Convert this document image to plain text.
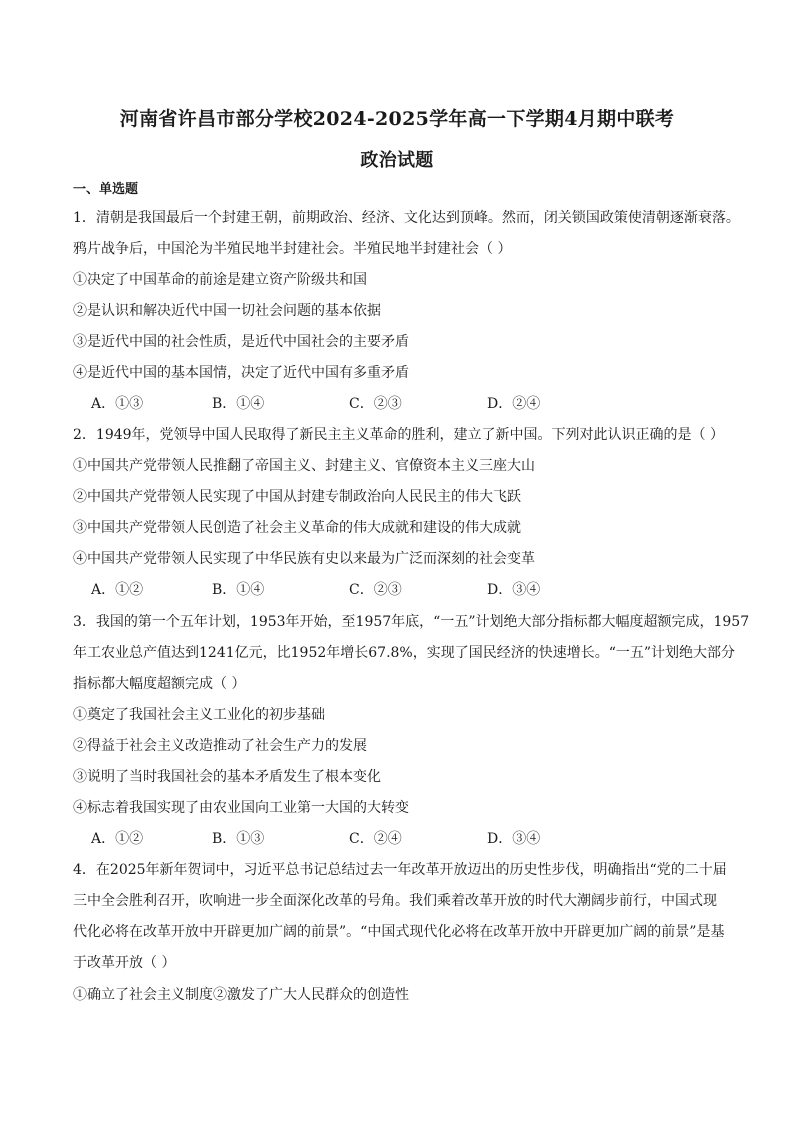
河南省许昌市部分学校2024-2025学年高一下学期4月期中联考
政治试题
一、单选题
1．清朝是我国最后一个封建王朝，前期政治、经济、文化达到顶峰。然而，闭关锁国政策使清朝逐渐衰落。
鸦片战争后，中国沦为半殖民地半封建社会。半殖民地半封建社会（ ）
①决定了中国革命的前途是建立资产阶级共和国
②是认识和解决近代中国一切社会问题的基本依据
③是近代中国的社会性质，是近代中国社会的主要矛盾
④是近代中国的基本国情，决定了近代中国有多重矛盾
A．①③	B．①④	C．②③	D．②④
2．1949年，党领导中国人民取得了新民主主义革命的胜利，建立了新中国。下列对此认识正确的是（ ）
①中国共产党带领人民推翻了帝国主义、封建主义、官僚资本主义三座大山
②中国共产党带领人民实现了中国从封建专制政治向人民民主的伟大飞跃
③中国共产党带领人民创造了社会主义革命的伟大成就和建设的伟大成就
④中国共产党带领人民实现了中华民族有史以来最为广泛而深刻的社会变革
A．①②	B．①④	C．②③	D．③④
3．我国的第一个五年计划，1953年开始，至1957年底，“一五”计划绝大部分指标都大幅度超额完成，1957
年工农业总产值达到1241亿元，比1952年增长67.8%，实现了国民经济的快速增长。“一五”计划绝大部分
指标都大幅度超额完成（ ）
①奠定了我国社会主义工业化的初步基础
②得益于社会主义改造推动了社会生产力的发展
③说明了当时我国社会的基本矛盾发生了根本变化
④标志着我国实现了由农业国向工业第一大国的大转变
A．①②	B．①③	C．②④	D．③④
4．在2025年新年贺词中，习近平总书记总结过去一年改革开放迈出的历史性步伐，明确指出“党的二十届
三中全会胜利召开，吹响进一步全面深化改革的号角。我们乘着改革开放的时代大潮阔步前行，中国式现
代化必将在改革开放中开辟更加广阔的前景”。“中国式现代化必将在改革开放中开辟更加广阔的前景”是基
于改革开放（ ）
①确立了社会主义制度②激发了广大人民群众的创造性
